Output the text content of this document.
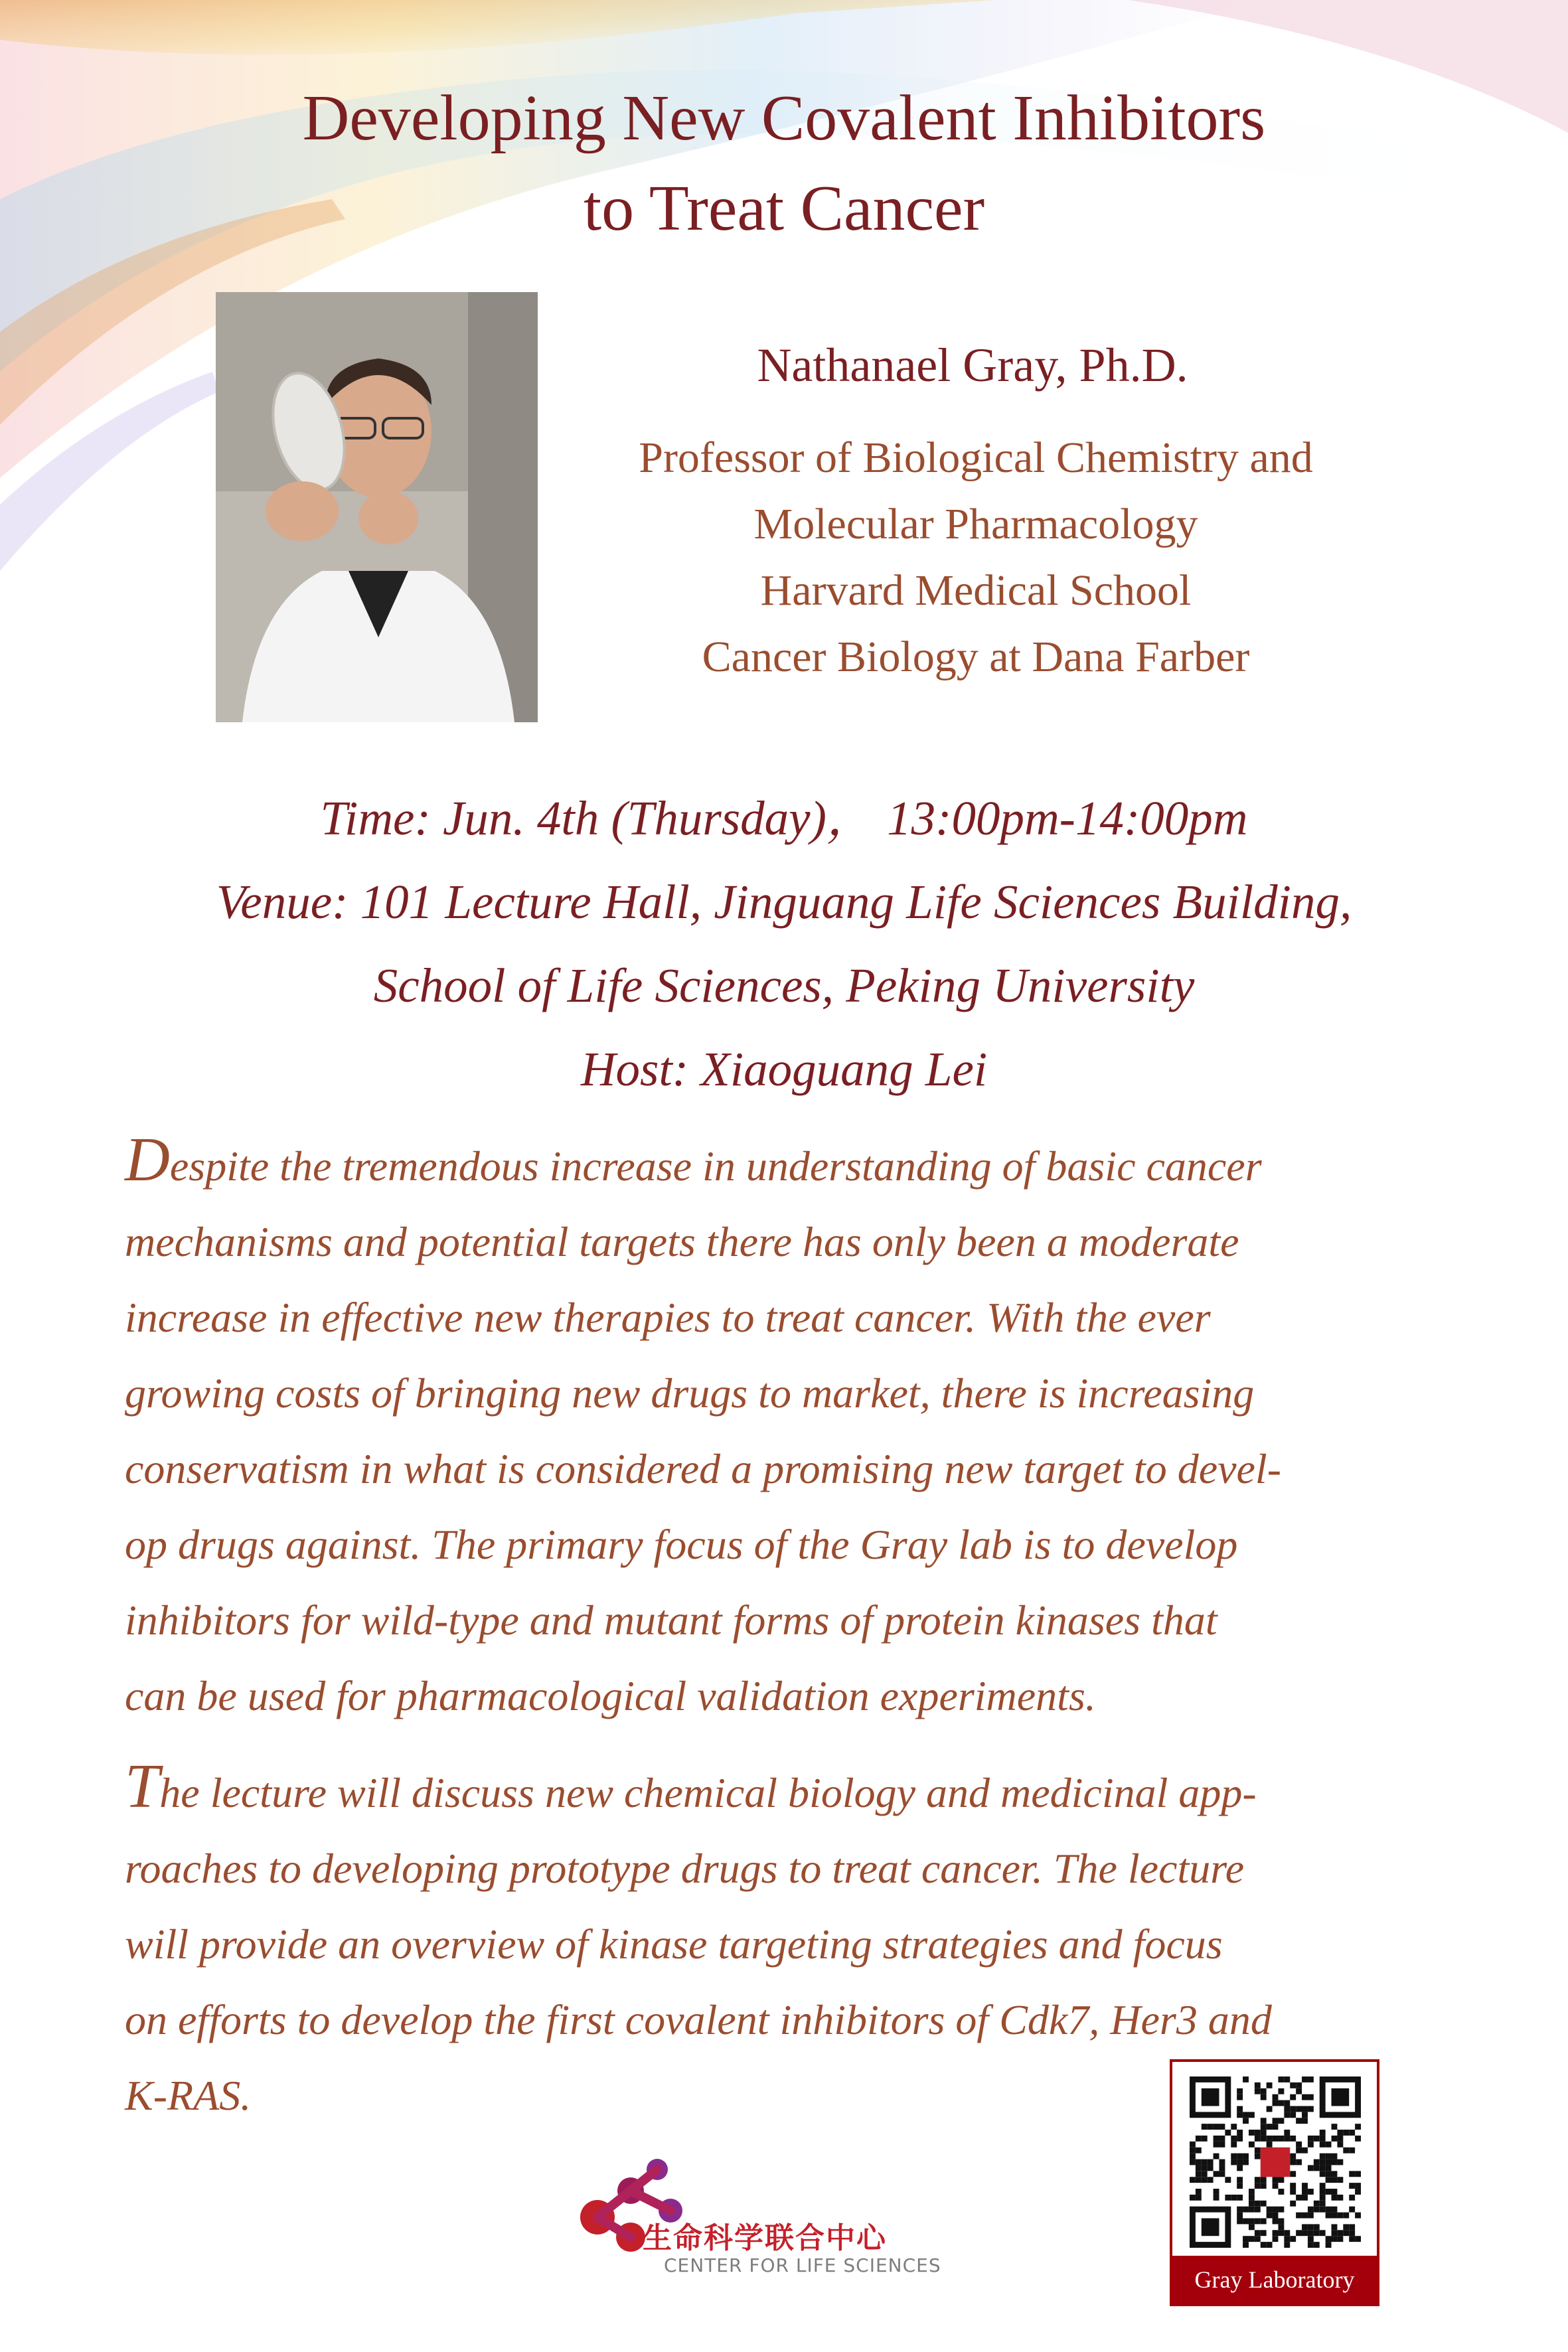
Developing New Covalent Inhibitors
to Treat Cancer
Nathanael Gray, Ph.D.
Professor of Biological Chemistry and
Molecular Pharmacology
Harvard Medical School
Cancer Biology at Dana Farber
Time: Jun. 4th (Thursday)， 13:00pm-14:00pm
Venue: 101 Lecture Hall, Jinguang Life Sciences Building,
School of Life Sciences, Peking University
Host: Xiaoguang Lei
Despite the tremendous increase in understanding of basic cancer
mechanisms and potential targets there has only been a moderate
increase in effective new therapies to treat cancer. With the ever
growing costs of bringing new drugs to market, there is increasing
conservatism in what is considered a promising new target to devel-
op drugs against. The primary focus of the Gray lab is to develop
inhibitors for wild-type and mutant forms of protein kinases that
can be used for pharmacological validation experiments.
The lecture will discuss new chemical biology and medicinal app-
roaches to developing prototype drugs to treat cancer. The lecture
will provide an overview of kinase targeting strategies and focus
on efforts to develop the first covalent inhibitors of Cdk7, Her3 and
K-RAS.
生命科学联合中心
CENTER FOR LIFE SCIENCES
Gray Laboratory
